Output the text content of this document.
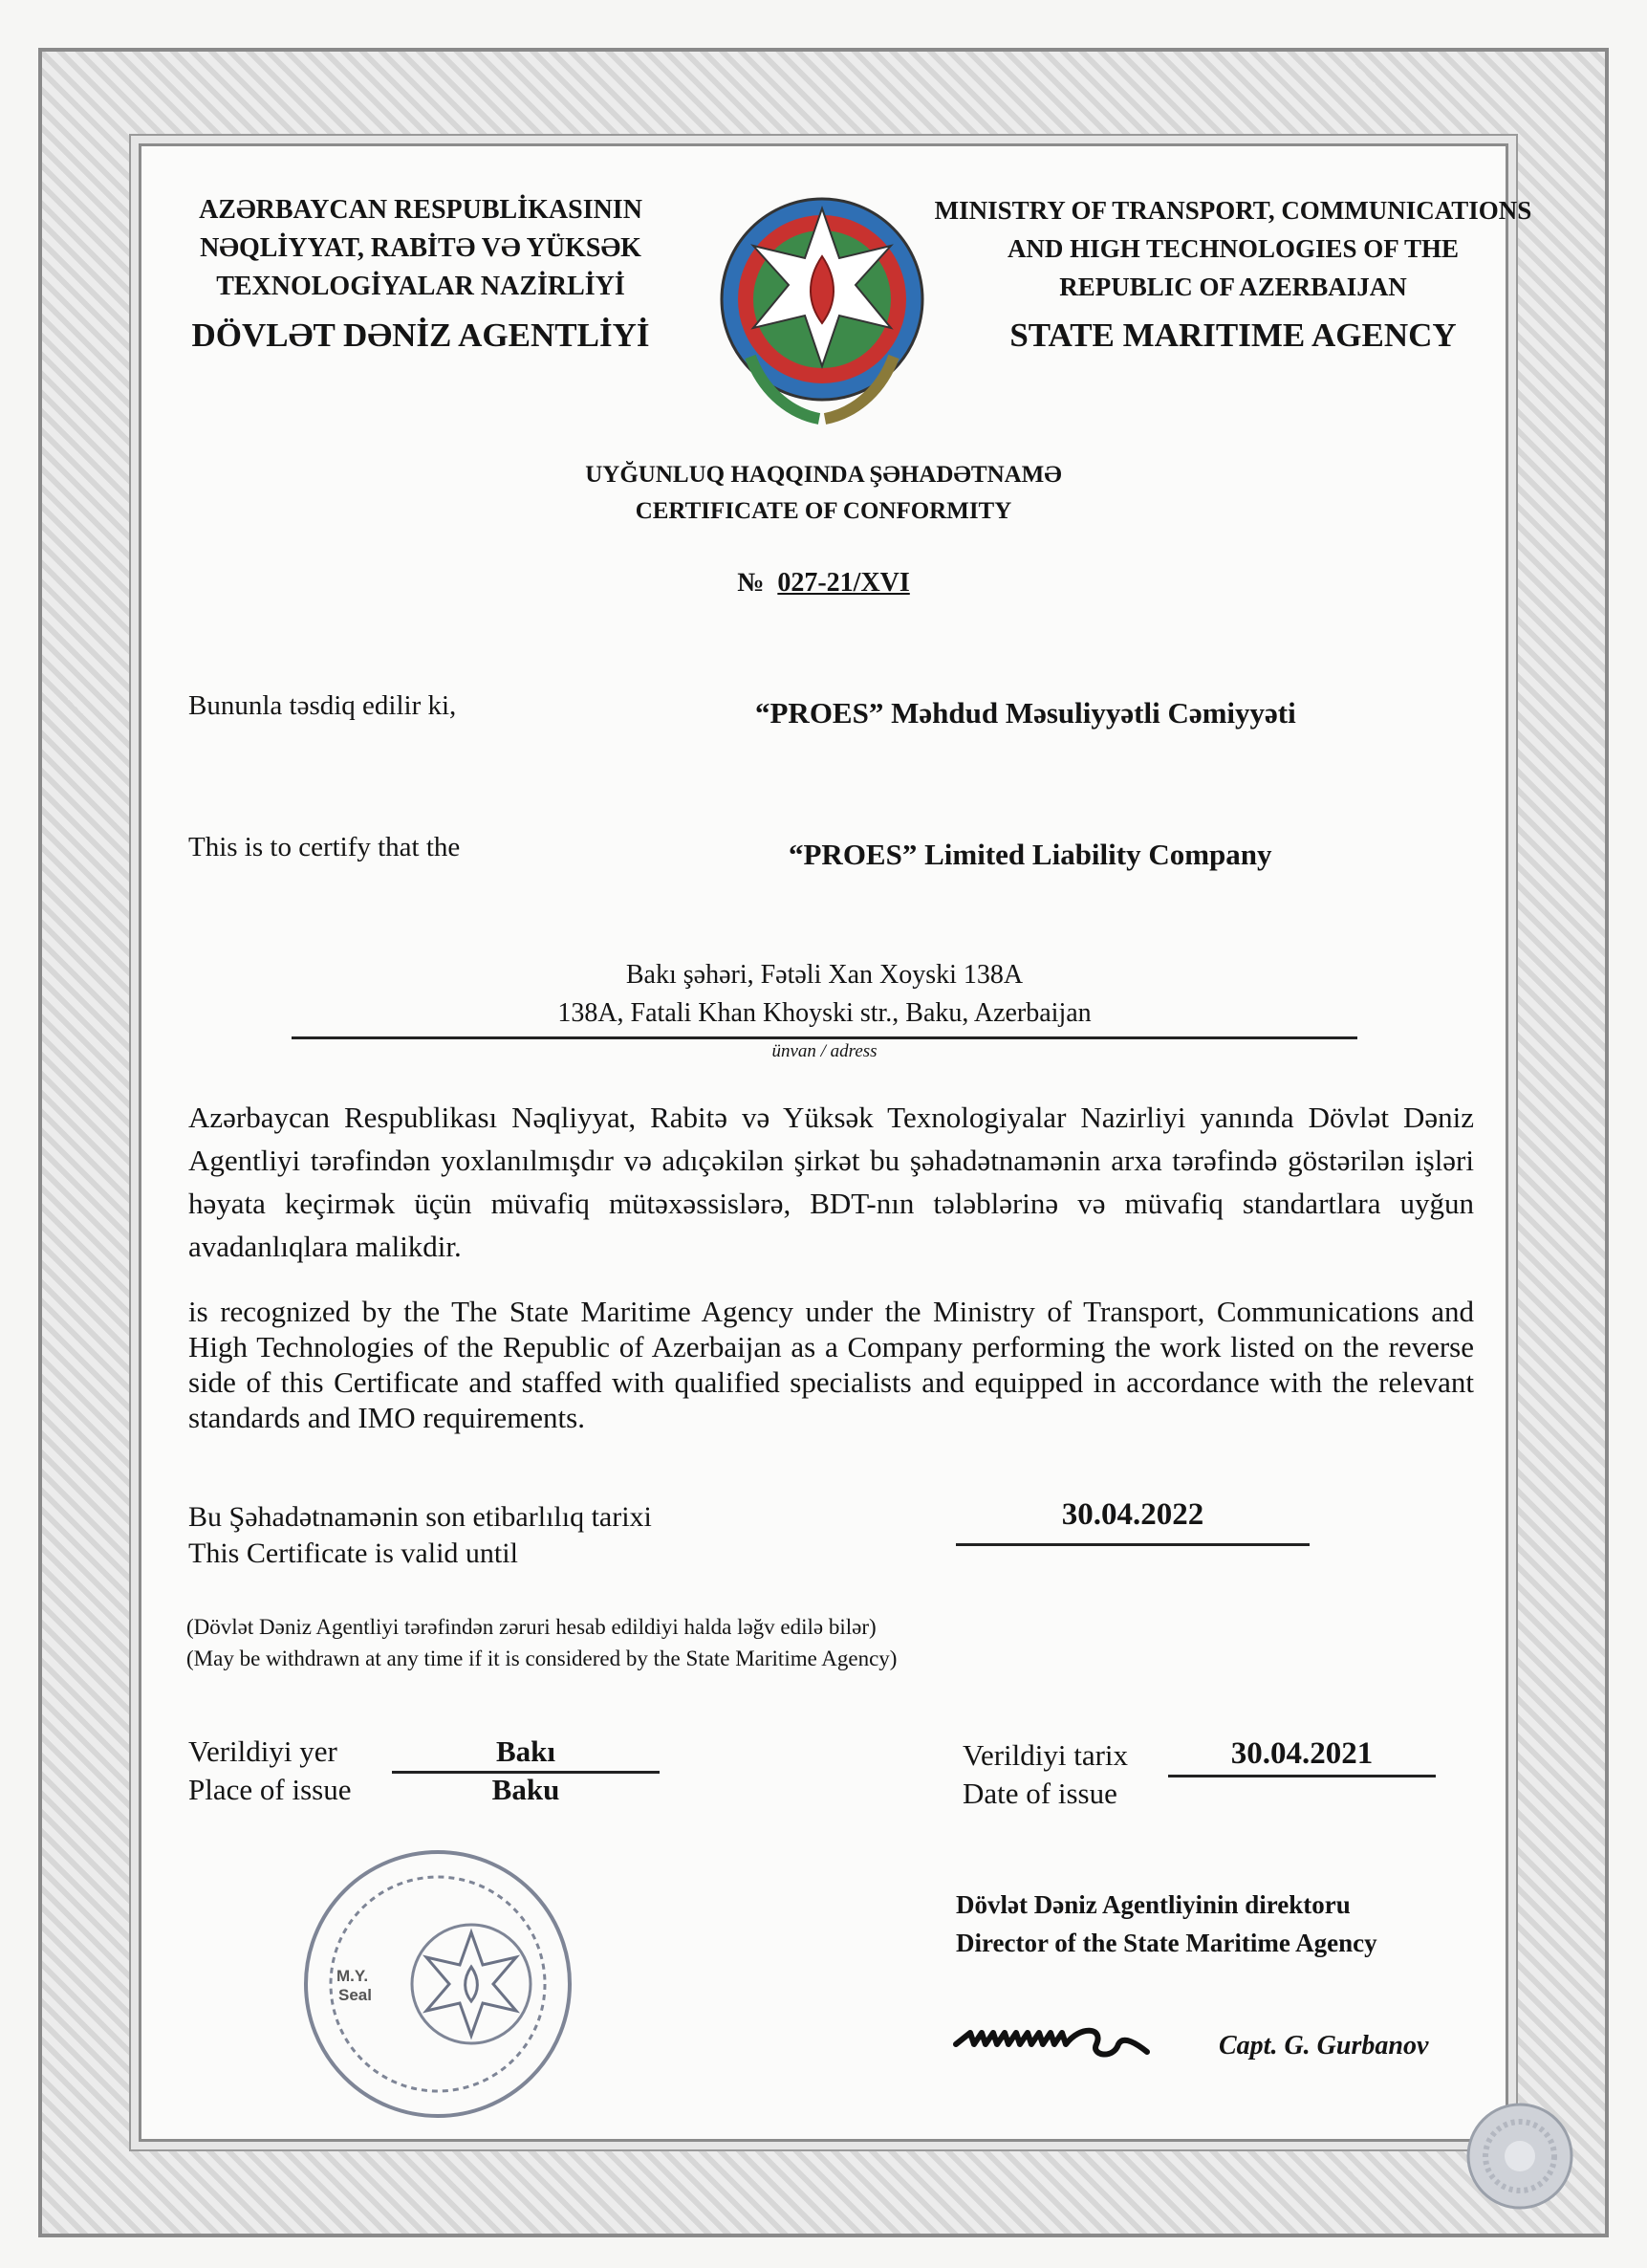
AZƏRBAYCAN RESPUBLİKASININ
NƏQLİYYAT, RABİTƏ VƏ YÜKSƏK
TEXNOLOGİYALAR NAZİRLİYİ
DÖVLƏT DƏNİZ AGENTLİYİ
MINISTRY OF TRANSPORT, COMMUNICATIONS
AND HIGH TECHNOLOGIES OF THE
REPUBLIC OF AZERBAIJAN
STATE MARITIME AGENCY
UYĞUNLUQ HAQQINDA ŞƏHADƏTNAMƏ
CERTIFICATE OF CONFORMITY
№ 027-21/XVI
Bununla təsdiq edilir ki,	“PROES” Məhdud Məsuliyyətli Cəmiyyəti
This is to certify that the	“PROES” Limited Liability Company
Bakı şəhəri, Fətəli Xan Xoyski 138A
138A, Fatali Khan Khoyski str., Baku, Azerbaijan
ünvan / adress
Azərbaycan Respublikası Nəqliyyat, Rabitə və Yüksək Texnologiyalar Nazirliyi yanında Dövlət Dəniz Agentliyi tərəfindən yoxlanılmışdır və adıçəkilən şirkət bu şəhadətnamənin arxa tərəfində göstərilən işləri həyata keçirmək üçün müvafiq mütəxəssislərə, BDT-nın tələblərinə və müvafiq standartlara uyğun avadanlıqlara malikdir.
is recognized by the The State Maritime Agency under the Ministry of Transport, Communications and High Technologies of the Republic of Azerbaijan as a Company performing the work listed on the reverse side of this Certificate and staffed with qualified specialists and equipped in accordance with the relevant standards and IMO requirements.
Bu Şəhadətnamənin son etibarlılıq tarixi
This Certificate is valid until
30.04.2022
(Dövlət Dəniz Agentliyi tərəfindən zəruri hesab edildiyi halda ləğv edilə bilər)
(May be withdrawn at any time if it is considered by the State Maritime Agency)
Verildiyi yer
Place of issue
Bakı
Baku
Verildiyi tarix
Date of issue
30.04.2021
M.Y.
Seal
Dövlət Dəniz Agentliyinin direktoru
Director of the State Maritime Agency
Capt. G. Gurbanov
